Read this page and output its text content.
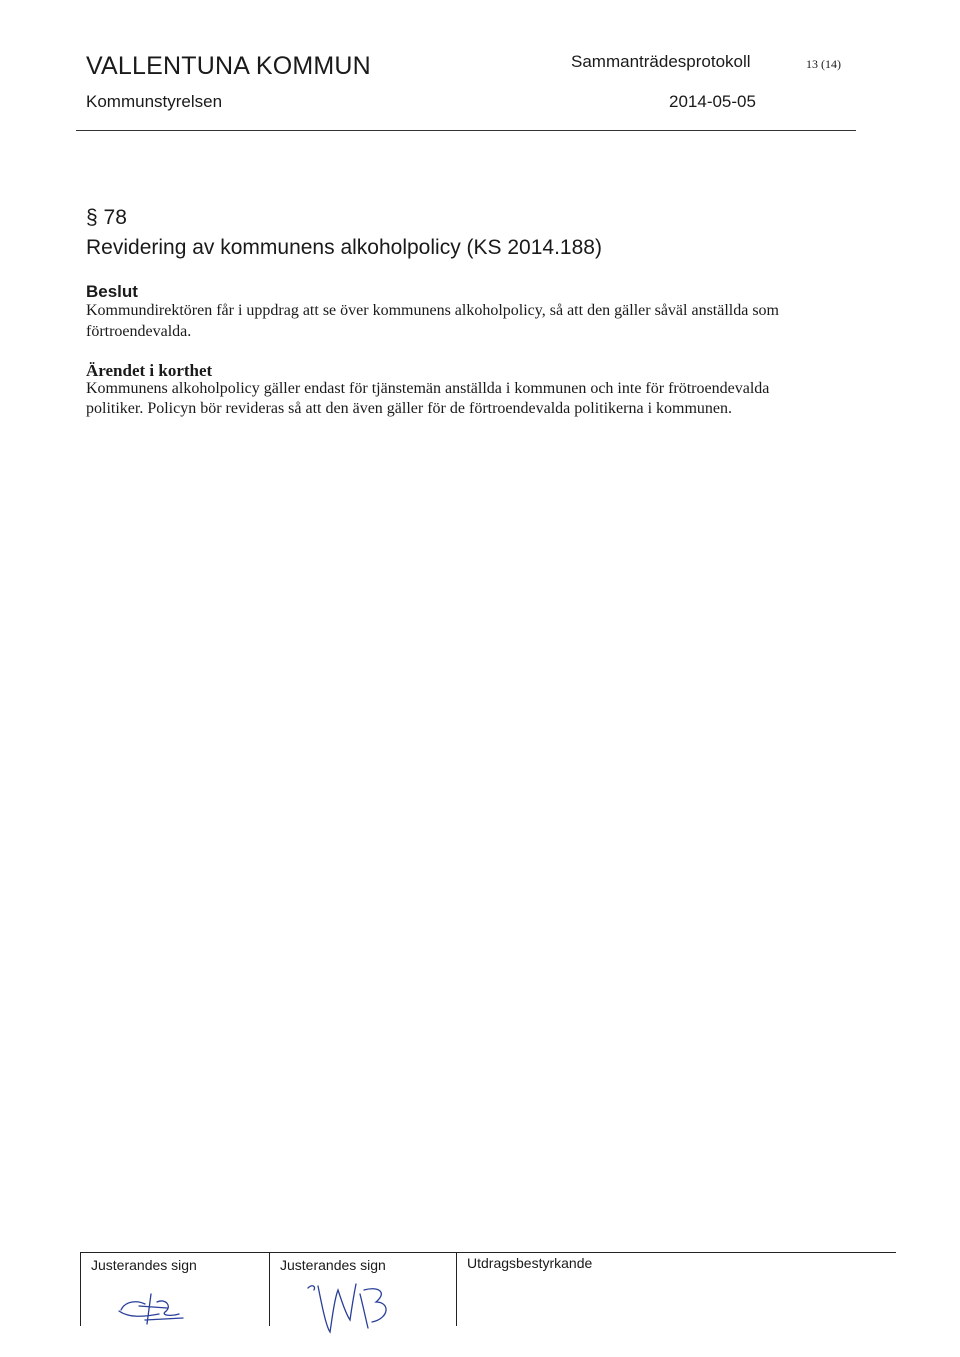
VALLENTUNA KOMMUN
Kommunstyrelsen
Sammanträdesprotokoll
2014-05-05
13 (14)
§ 78
Revidering av kommunens alkoholpolicy (KS 2014.188)
Beslut
Kommundirektören får i uppdrag att se över kommunens alkoholpolicy, så att den gäller såväl anställda som förtroendevalda.
Ärendet i korthet
Kommunens alkoholpolicy gäller endast för tjänstemän anställda i kommunen och inte för frötroendevalda politiker. Policyn bör revideras så att den även gäller för de förtroendevalda politikerna i kommunen.
Justerandes sign	Justerandes sign	Utdragsbestyrkande
